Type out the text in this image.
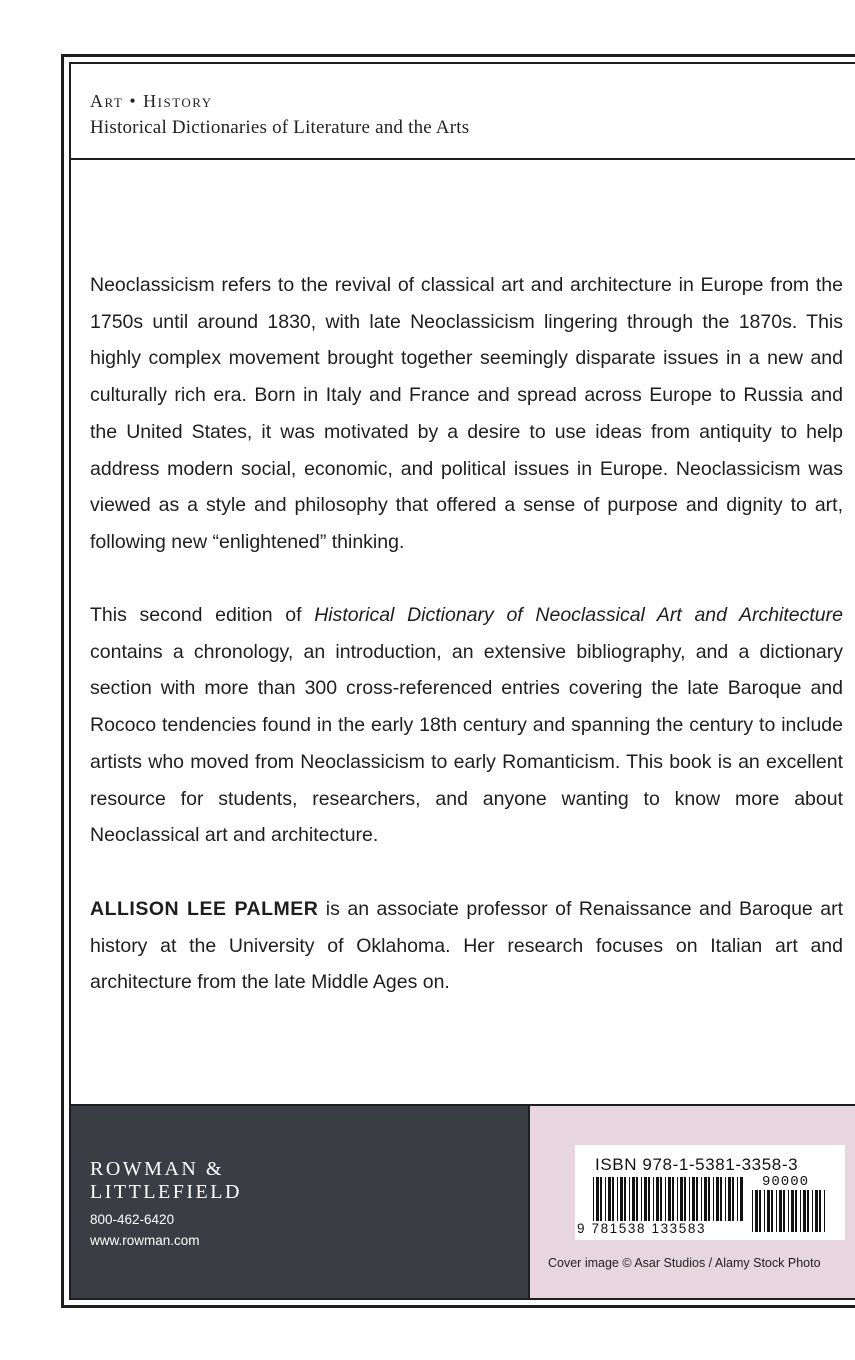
Art • History
Historical Dictionaries of Literature and the Arts

Neoclassicism refers to the revival of classical art and architecture in Europe from the 1750s until around 1830, with late Neoclassicism lingering through the 1870s. This highly complex movement brought together seemingly disparate issues in a new and culturally rich era. Born in Italy and France and spread across Europe to Russia and the United States, it was motivated by a desire to use ideas from antiquity to help address modern social, economic, and political issues in Europe. Neoclassicism was viewed as a style and philosophy that offered a sense of purpose and dignity to art, following new “enlightened” thinking.

This second edition of Historical Dictionary of Neoclassical Art and Architecture contains a chronology, an introduction, an extensive bibliography, and a dictionary section with more than 300 cross-referenced entries covering the late Baroque and Rococo tendencies found in the early 18th century and spanning the century to include artists who moved from Neoclassicism to early Romanticism. This book is an excellent resource for students, researchers, and anyone wanting to know more about Neoclassical art and architecture.

ALLISON LEE PALMER is an associate professor of Renaissance and Baroque art history at the University of Oklahoma. Her research focuses on Italian art and architecture from the late Middle Ages on.

ROWMAN &
LITTLEFIELD
800-462-6420
www.rowman.com
ISBN 978-1-5381-3358-3
90000
9 781538 133583
Cover image © Asar Studios / Alamy Stock Photo
